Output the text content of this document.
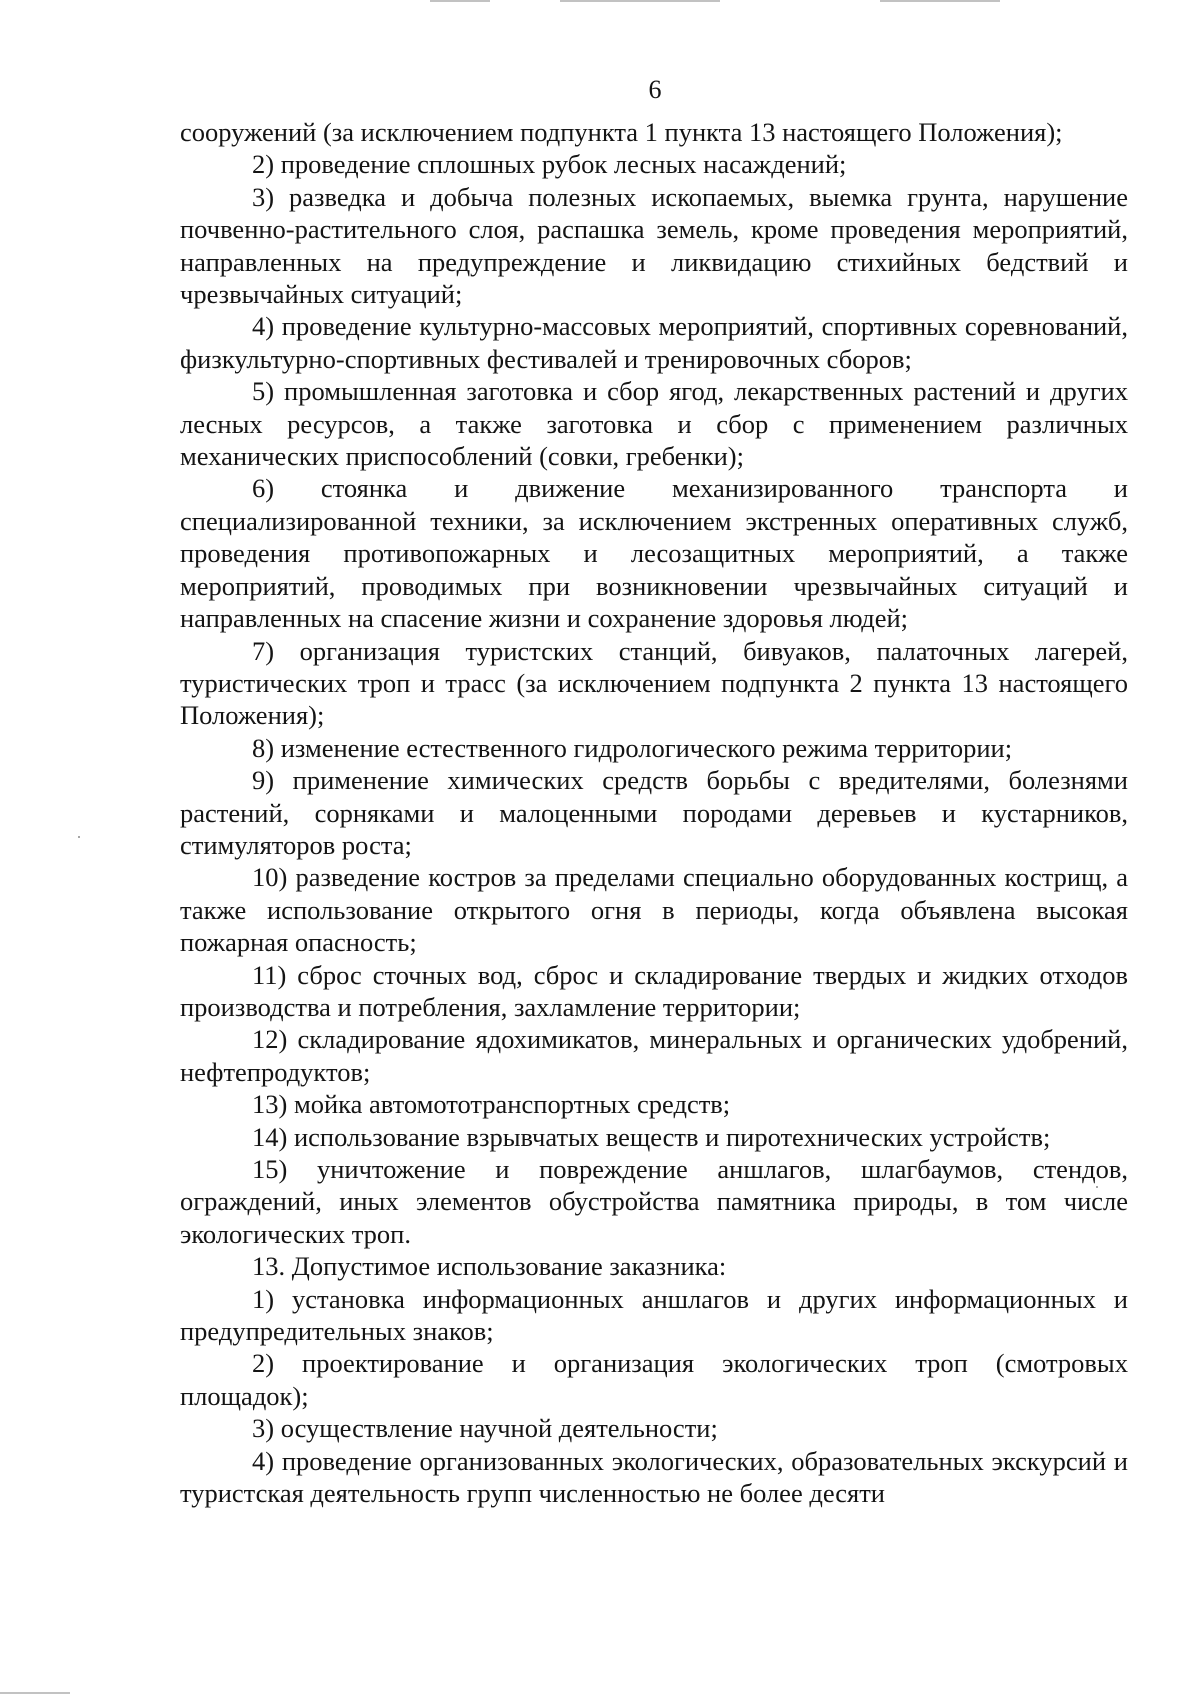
6

сооружений (за исключением подпункта 1 пункта 13 настоящего Положения);

2) проведение сплошных рубок лесных насаждений;

3) разведка и добыча полезных ископаемых, выемка грунта, нарушение почвенно-растительного слоя, распашка земель, кроме проведения мероприятий, направленных на предупреждение и ликвидацию стихийных бедствий и чрезвычайных ситуаций;

4) проведение культурно-массовых мероприятий, спортивных соревнований, физкультурно-спортивных фестивалей и тренировочных сборов;

5) промышленная заготовка и сбор ягод, лекарственных растений и других лесных ресурсов, а также заготовка и сбор с применением различных механических приспособлений (совки, гребенки);

6) стоянка и движение механизированного транспорта и специализированной техники, за исключением экстренных оперативных служб, проведения противопожарных и лесозащитных мероприятий, а также мероприятий, проводимых при возникновении чрезвычайных ситуаций и направленных на спасение жизни и сохранение здоровья людей;

7) организация туристских станций, бивуаков, палаточных лагерей, туристических троп и трасс (за исключением подпункта 2 пункта 13 настоящего Положения);

8) изменение естественного гидрологического режима территории;

9) применение химических средств борьбы с вредителями, болезнями растений, сорняками и малоценными породами деревьев и кустарников, стимуляторов роста;

10) разведение костров за пределами специально оборудованных кострищ, а также использование открытого огня в периоды, когда объявлена высокая пожарная опасность;

11) сброс сточных вод, сброс и складирование твердых и жидких отходов производства и потребления, захламление территории;

12) складирование ядохимикатов, минеральных и органических удобрений, нефтепродуктов;

13) мойка автомототранспортных средств;

14) использование взрывчатых веществ и пиротехнических устройств;

15) уничтожение и повреждение аншлагов, шлагбаумов, стендов, ограждений, иных элементов обустройства памятника природы, в том числе экологических троп.

13. Допустимое использование заказника:

1) установка информационных аншлагов и других информационных и предупредительных знаков;

2) проектирование и организация экологических троп (смотровых площадок);

3) осуществление научной деятельности;

4) проведение организованных экологических, образовательных экскурсий и туристская деятельность групп численностью не более десяти
